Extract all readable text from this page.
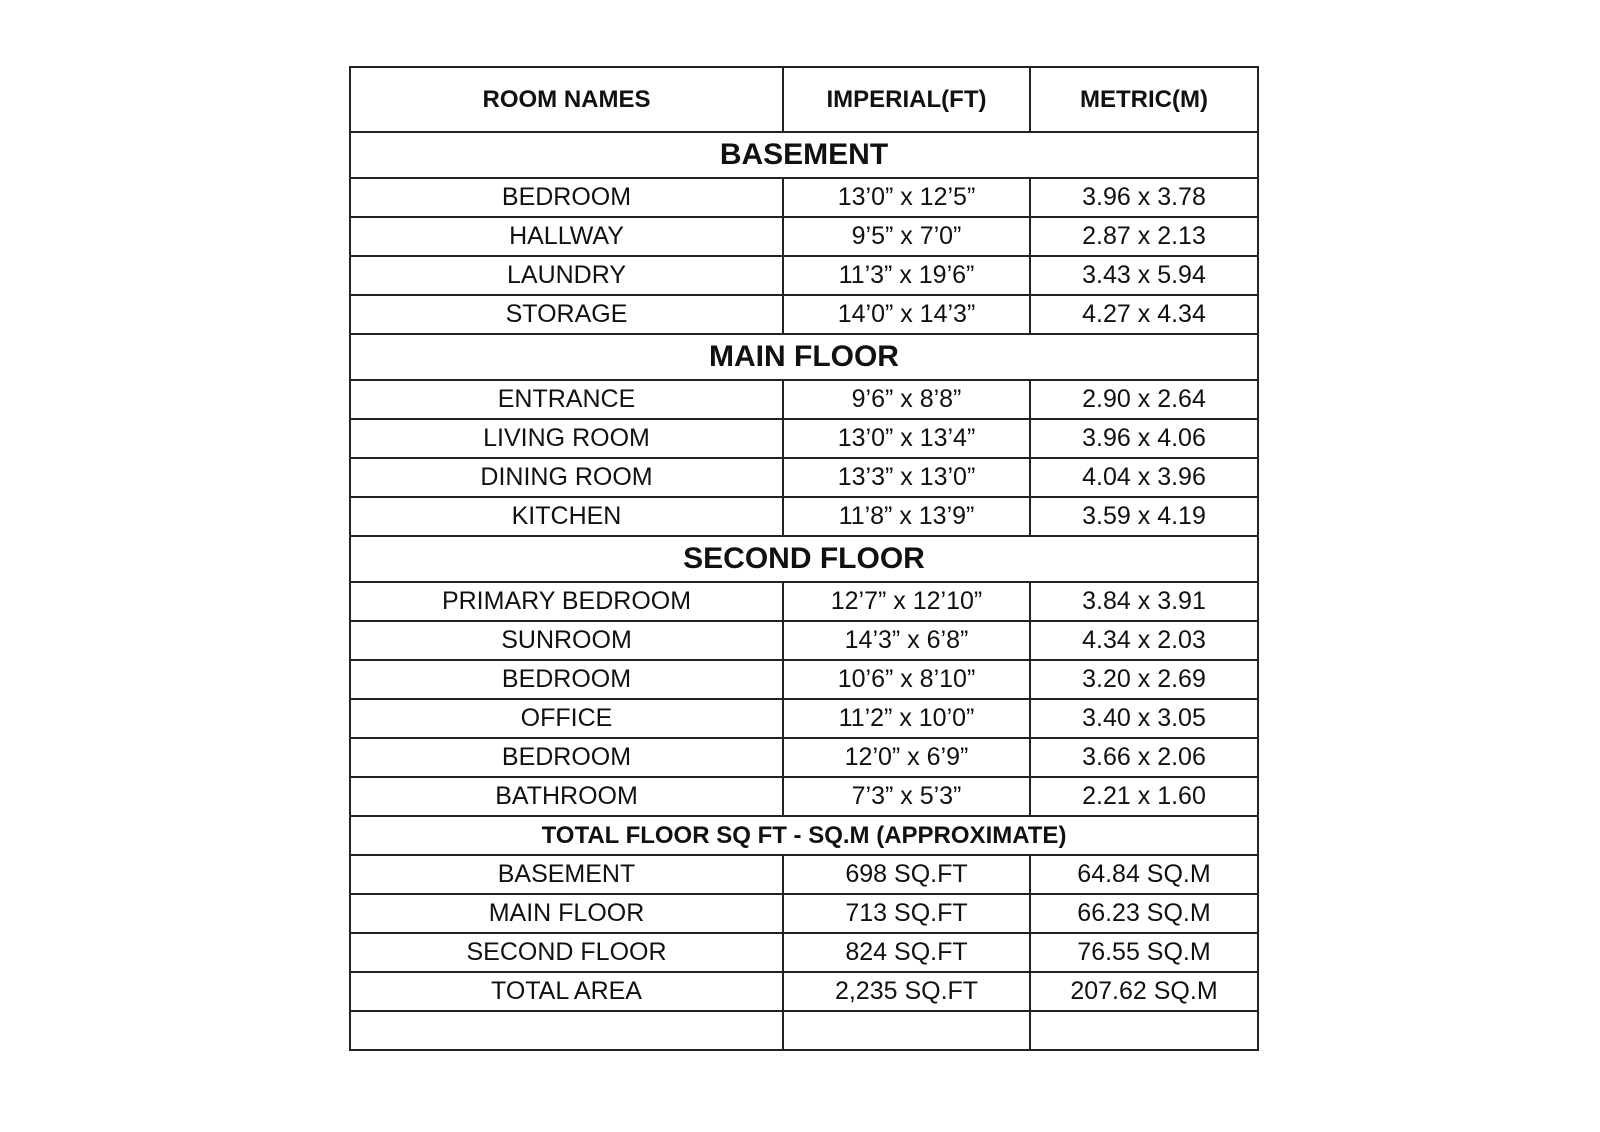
ROOM NAMES	IMPERIAL(FT)	METRIC(M)
BASEMENT		
BEDROOM	13’0” x 12’5”	3.96 x 3.78
HALLWAY	9’5” x 7’0”	2.87 x 2.13
LAUNDRY	11’3” x 19’6”	3.43 x 5.94
STORAGE	14’0” x 14’3”	4.27 x 4.34
MAIN FLOOR		
ENTRANCE	9’6” x 8’8”	2.90 x 2.64
LIVING ROOM	13’0” x 13’4”	3.96 x 4.06
DINING ROOM	13’3” x 13’0”	4.04 x 3.96
KITCHEN	11’8” x 13’9”	3.59 x 4.19
SECOND FLOOR		
PRIMARY BEDROOM	12’7” x 12’10”	3.84 x 3.91
SUNROOM	14’3” x 6’8”	4.34 x 2.03
BEDROOM	10’6” x 8’10”	3.20 x 2.69
OFFICE	11’2” x 10’0”	3.40 x 3.05
BEDROOM	12’0” x 6’9”	3.66 x 2.06
BATHROOM	7’3” x 5’3”	2.21 x 1.60
TOTAL FLOOR SQ FT - SQ.M (APPROXIMATE)		
BASEMENT	698 SQ.FT	64.84 SQ.M
MAIN FLOOR	713 SQ.FT	66.23 SQ.M
SECOND FLOOR	824 SQ.FT	76.55 SQ.M
TOTAL AREA	2,235 SQ.FT	207.62 SQ.M
